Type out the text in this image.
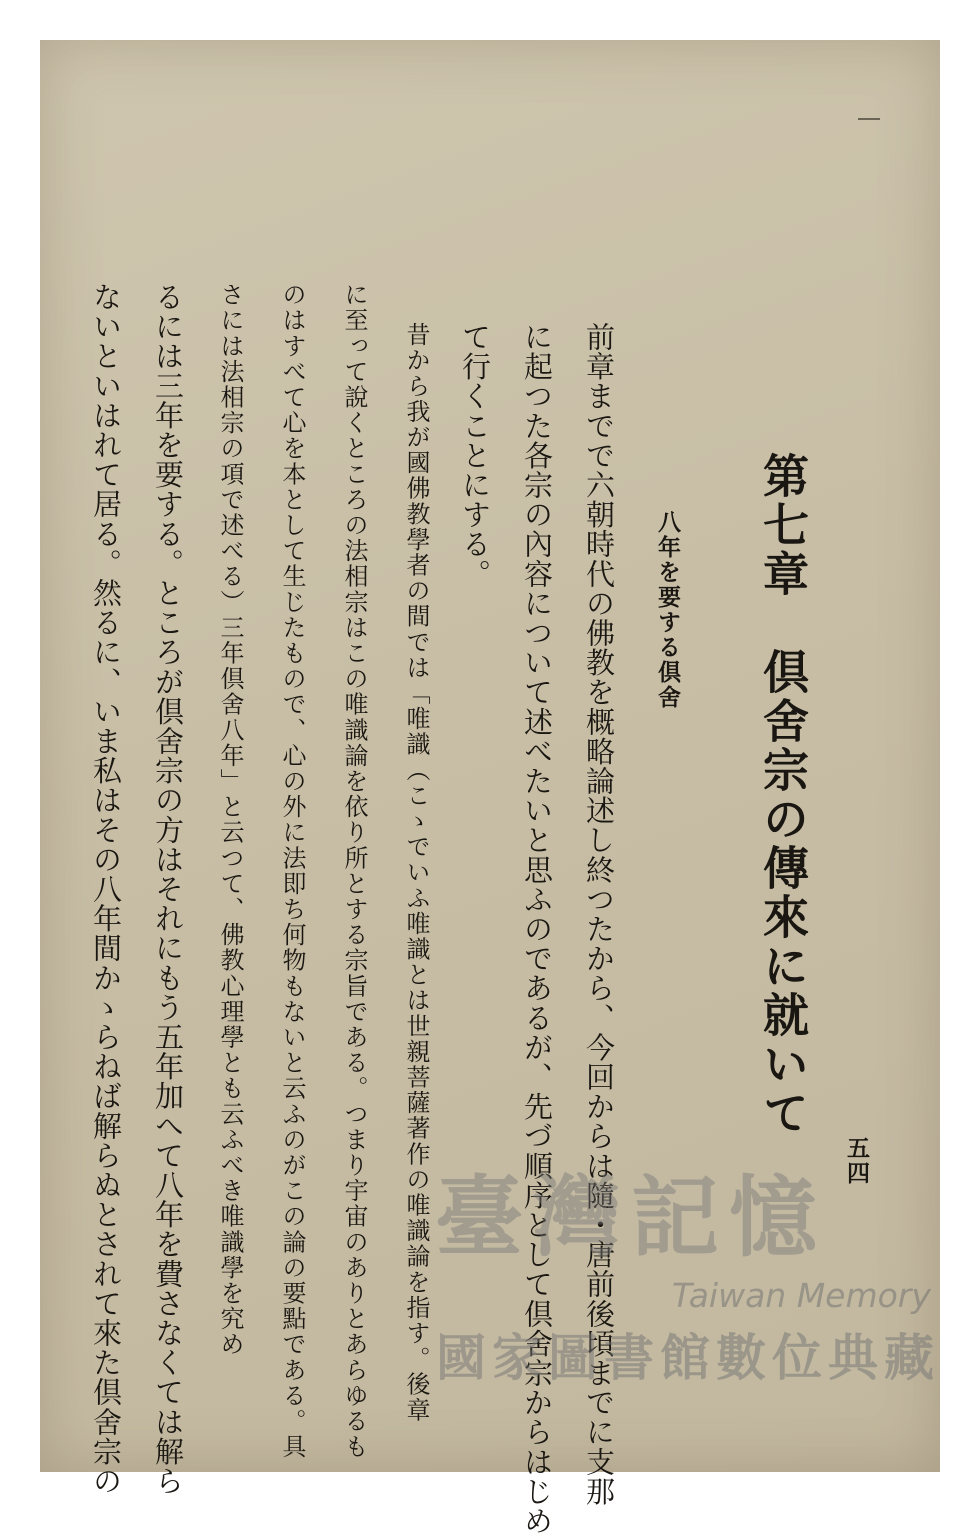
第七章　倶舍宗の傳來に就いて
八年を要する倶舍
前章までで六朝時代の佛教を概略論述し終つたから、今回からは隨・唐前後頃までに支那
に起つた各宗の內容について述べたいと思ふのであるが、先づ順序として倶舍宗からはじめ
て行くことにする。
昔から我が國佛教學者の間では「唯識（こゝでいふ唯識とは世親菩薩著作の唯識論を指す。後章
に至って說くところの法相宗はこの唯識論を依り所とする宗旨である。つまり宇宙のありとあらゆるも
のはすべて心を本として生じたもので、心の外に法即ち何物もないと云ふのがこの論の要點である。具
さには法相宗の項で述べる）三年倶舍八年」と云つて、佛教心理學とも云ふべき唯識學を究め
るには三年を要する。ところが倶舍宗の方はそれにもう五年加へて八年を費さなくては解ら
ないといはれて居る。然るに、いま私はその八年間かゝらねば解らぬとされて來た倶舍宗の	五四
臺灣記憶
Taiwan Memory
國家圖書館數位典藏
